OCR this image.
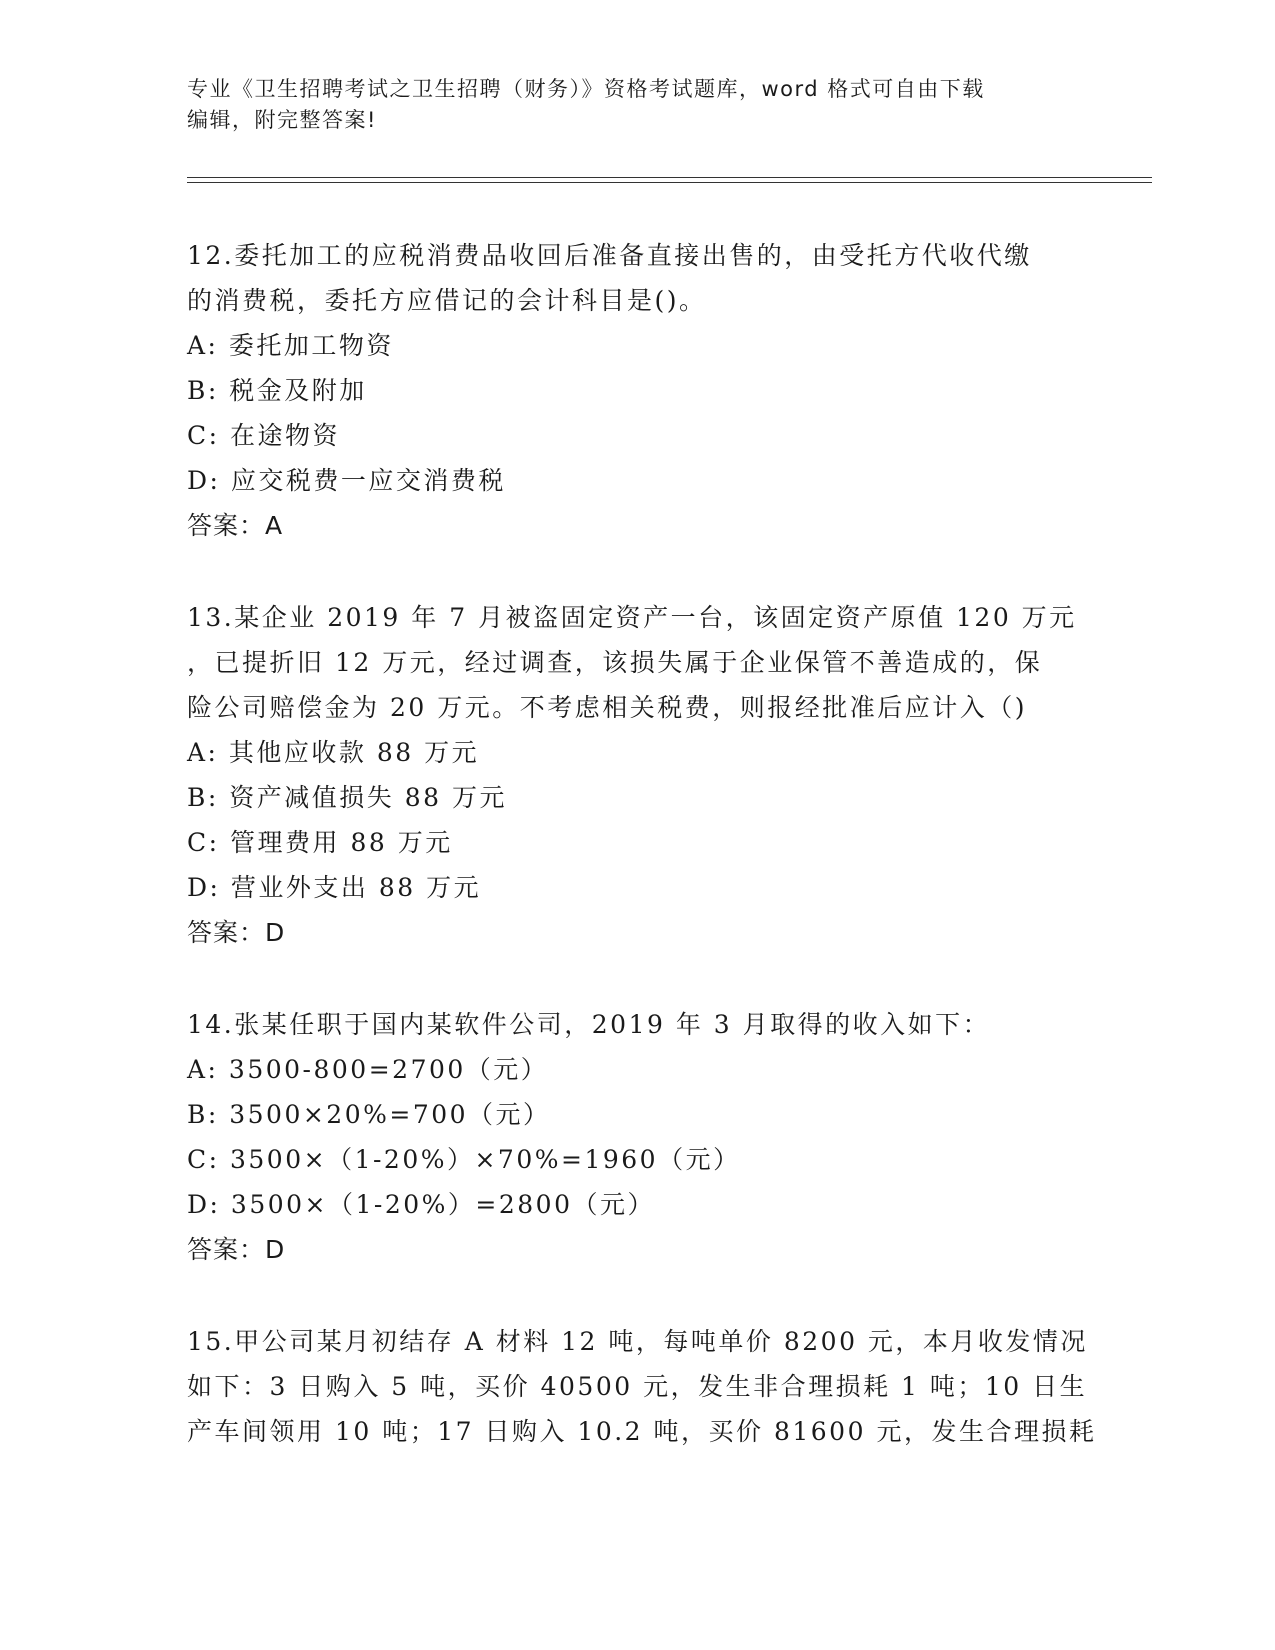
专业《卫生招聘考试之卫生招聘（财务）》资格考试题库，word 格式可自由下载
编辑，附完整答案!
12.委托加工的应税消费品收回后准备直接出售的，由受托方代收代缴
的消费税，委托方应借记的会计科目是()。
A: 委托加工物资
B: 税金及附加
C: 在途物资
D: 应交税费一应交消费税
答案：A
13.某企业 2019 年 7 月被盗固定资产一台，该固定资产原值 120 万元
，已提折旧 12 万元，经过调查，该损失属于企业保管不善造成的，保
险公司赔偿金为 20 万元。不考虑相关税费，则报经批准后应计入（)
A: 其他应收款 88 万元
B: 资产减值损失 88 万元
C: 管理费用 88 万元
D: 营业外支出 88 万元
答案：D
14.张某任职于国内某软件公司，2019 年 3 月取得的收入如下：
A: 3500-800=2700（元）
B: 3500×20%=700（元）
C: 3500×（1-20%）×70%=1960（元）
D: 3500×（1-20%）=2800（元）
答案：D
15.甲公司某月初结存 A 材料 12 吨，每吨单价 8200 元，本月收发情况
如下：3 日购入 5 吨，买价 40500 元，发生非合理损耗 1 吨；10 日生
产车间领用 10 吨；17 日购入 10.2 吨，买价 81600 元，发生合理损耗
